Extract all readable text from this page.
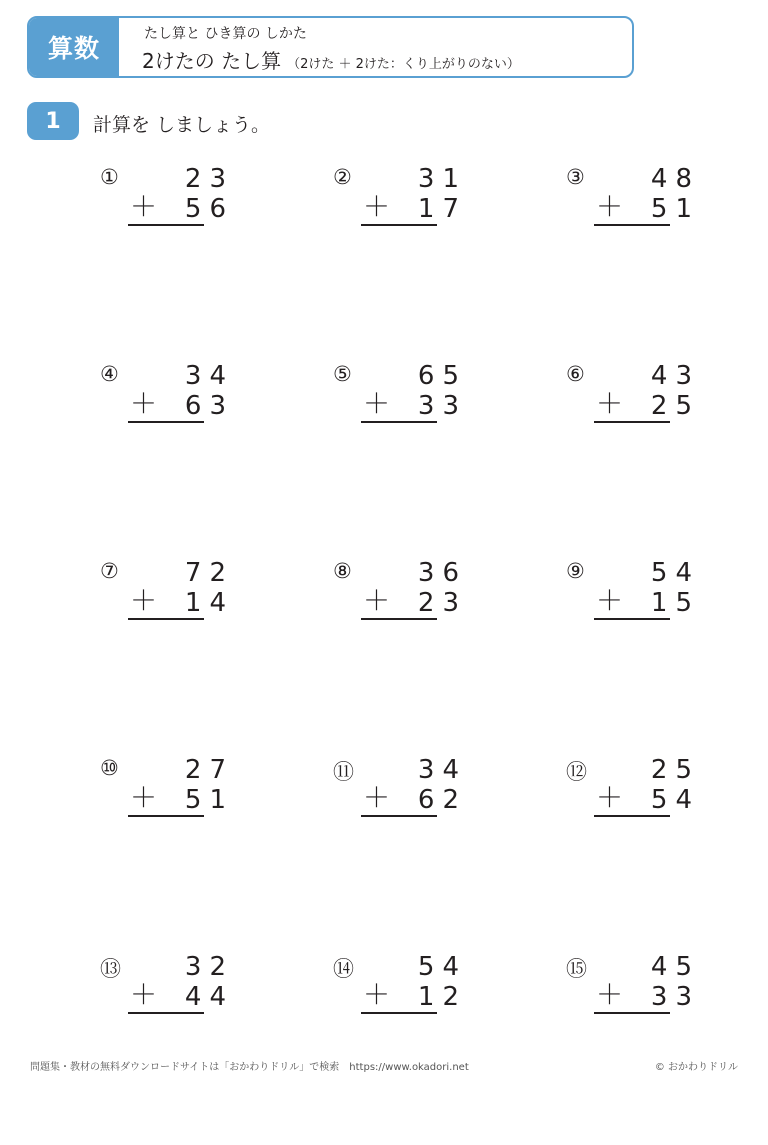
算数	たし算と ひき算の しかた
2けたの たし算 （2けた ＋ 2けた：くり上がりのない）
1	計算を しましょう。
①	23
＋	56
②	31
＋	17
③	48
＋	51
④	34
＋	63
⑤	65
＋	33
⑥	43
＋	25
⑦	72
＋	14
⑧	36
＋	23
⑨	54
＋	15
⑩	27
＋	51
⑪	34
＋	62
⑫	25
＋	54
⑬	32
＋	44
⑭	54
＋	12
⑮	45
＋	33
問題集・教材の無料ダウンロードサイトは「おかわりドリル」で検索　https://www.okadori.net	© おかわりドリル
